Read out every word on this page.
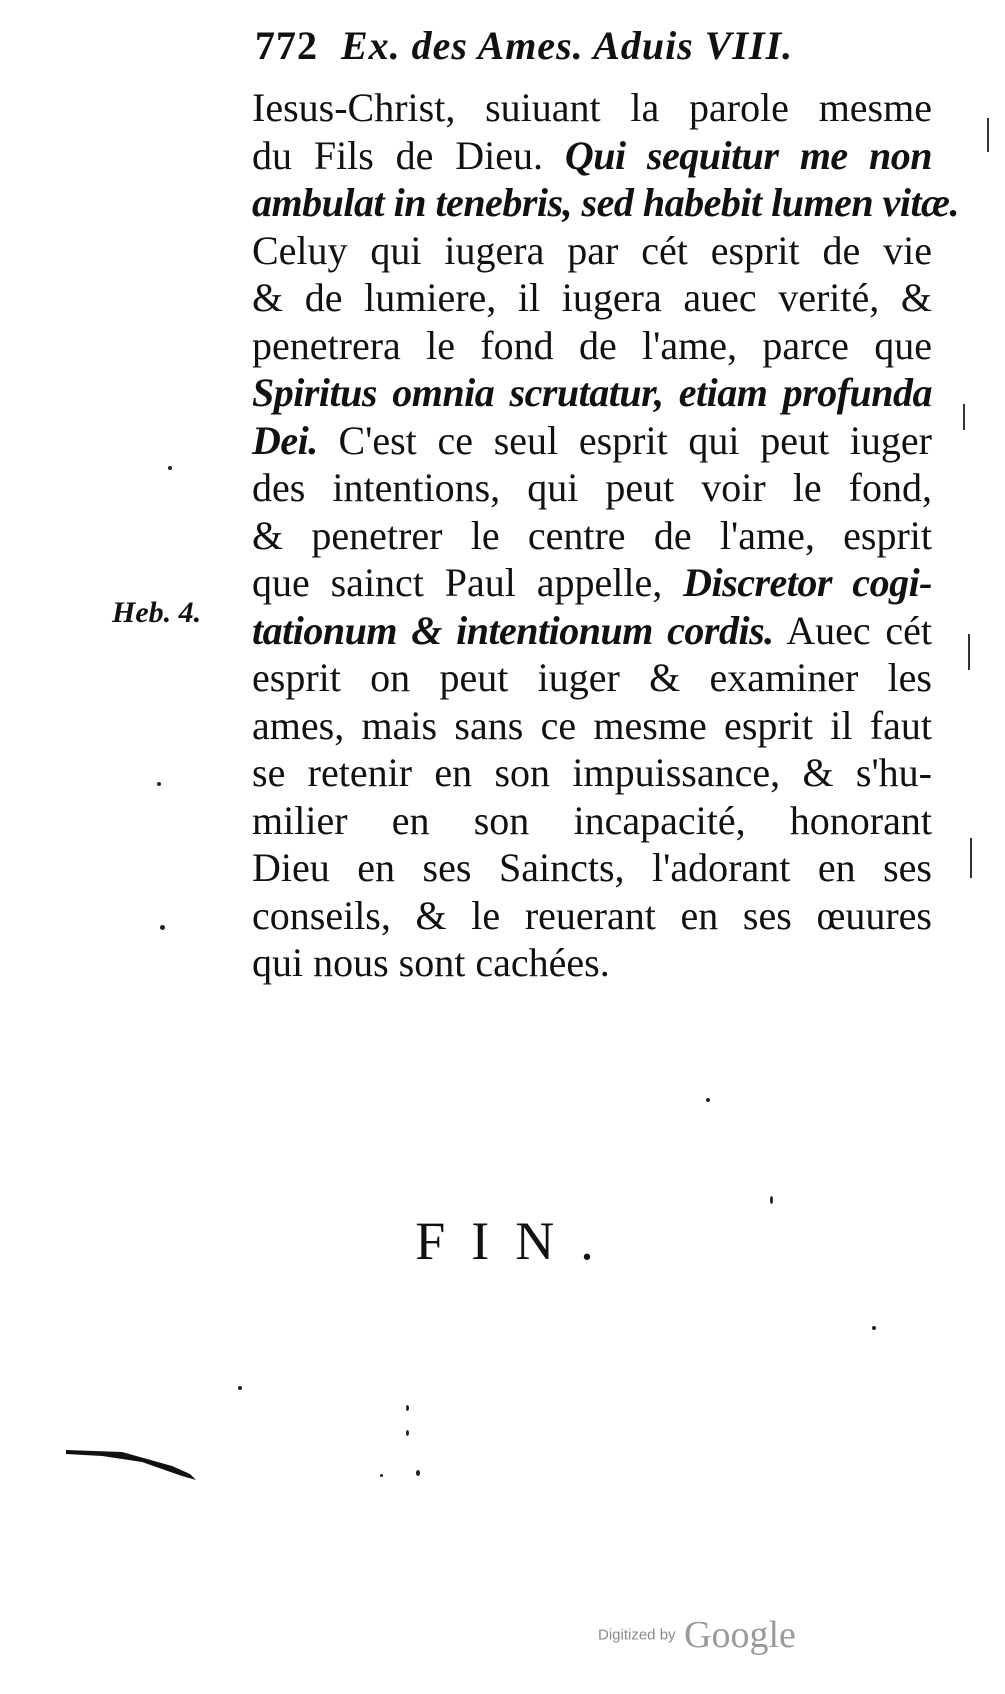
772 Ex. des Ames. Aduis VIII.
Iesus-Christ, suiuant la parole mesme
du Fils de Dieu. Qui sequitur me non
ambulat in tenebris, sed habebit lumen vitæ.
Celuy qui iugera par cét esprit de vie
& de lumiere, il iugera auec verité, &
penetrera le fond de l'ame, parce que
Spiritus omnia scrutatur, etiam profunda
Dei. C'est ce seul esprit qui peut iuger
des intentions, qui peut voir le fond,
& penetrer le centre de l'ame, esprit
que sainct Paul appelle, Discretor cogi-
tationum & intentionum cordis. Auec cét
esprit on peut iuger & examiner les
ames, mais sans ce mesme esprit il faut
se retenir en son impuissance, & s'hu-
milier en son incapacité, honorant
Dieu en ses Saincts, l'adorant en ses
conseils, & le reuerant en ses œuures
qui nous sont cachées.
Heb. 4.
FIN.
Digitized by Google
